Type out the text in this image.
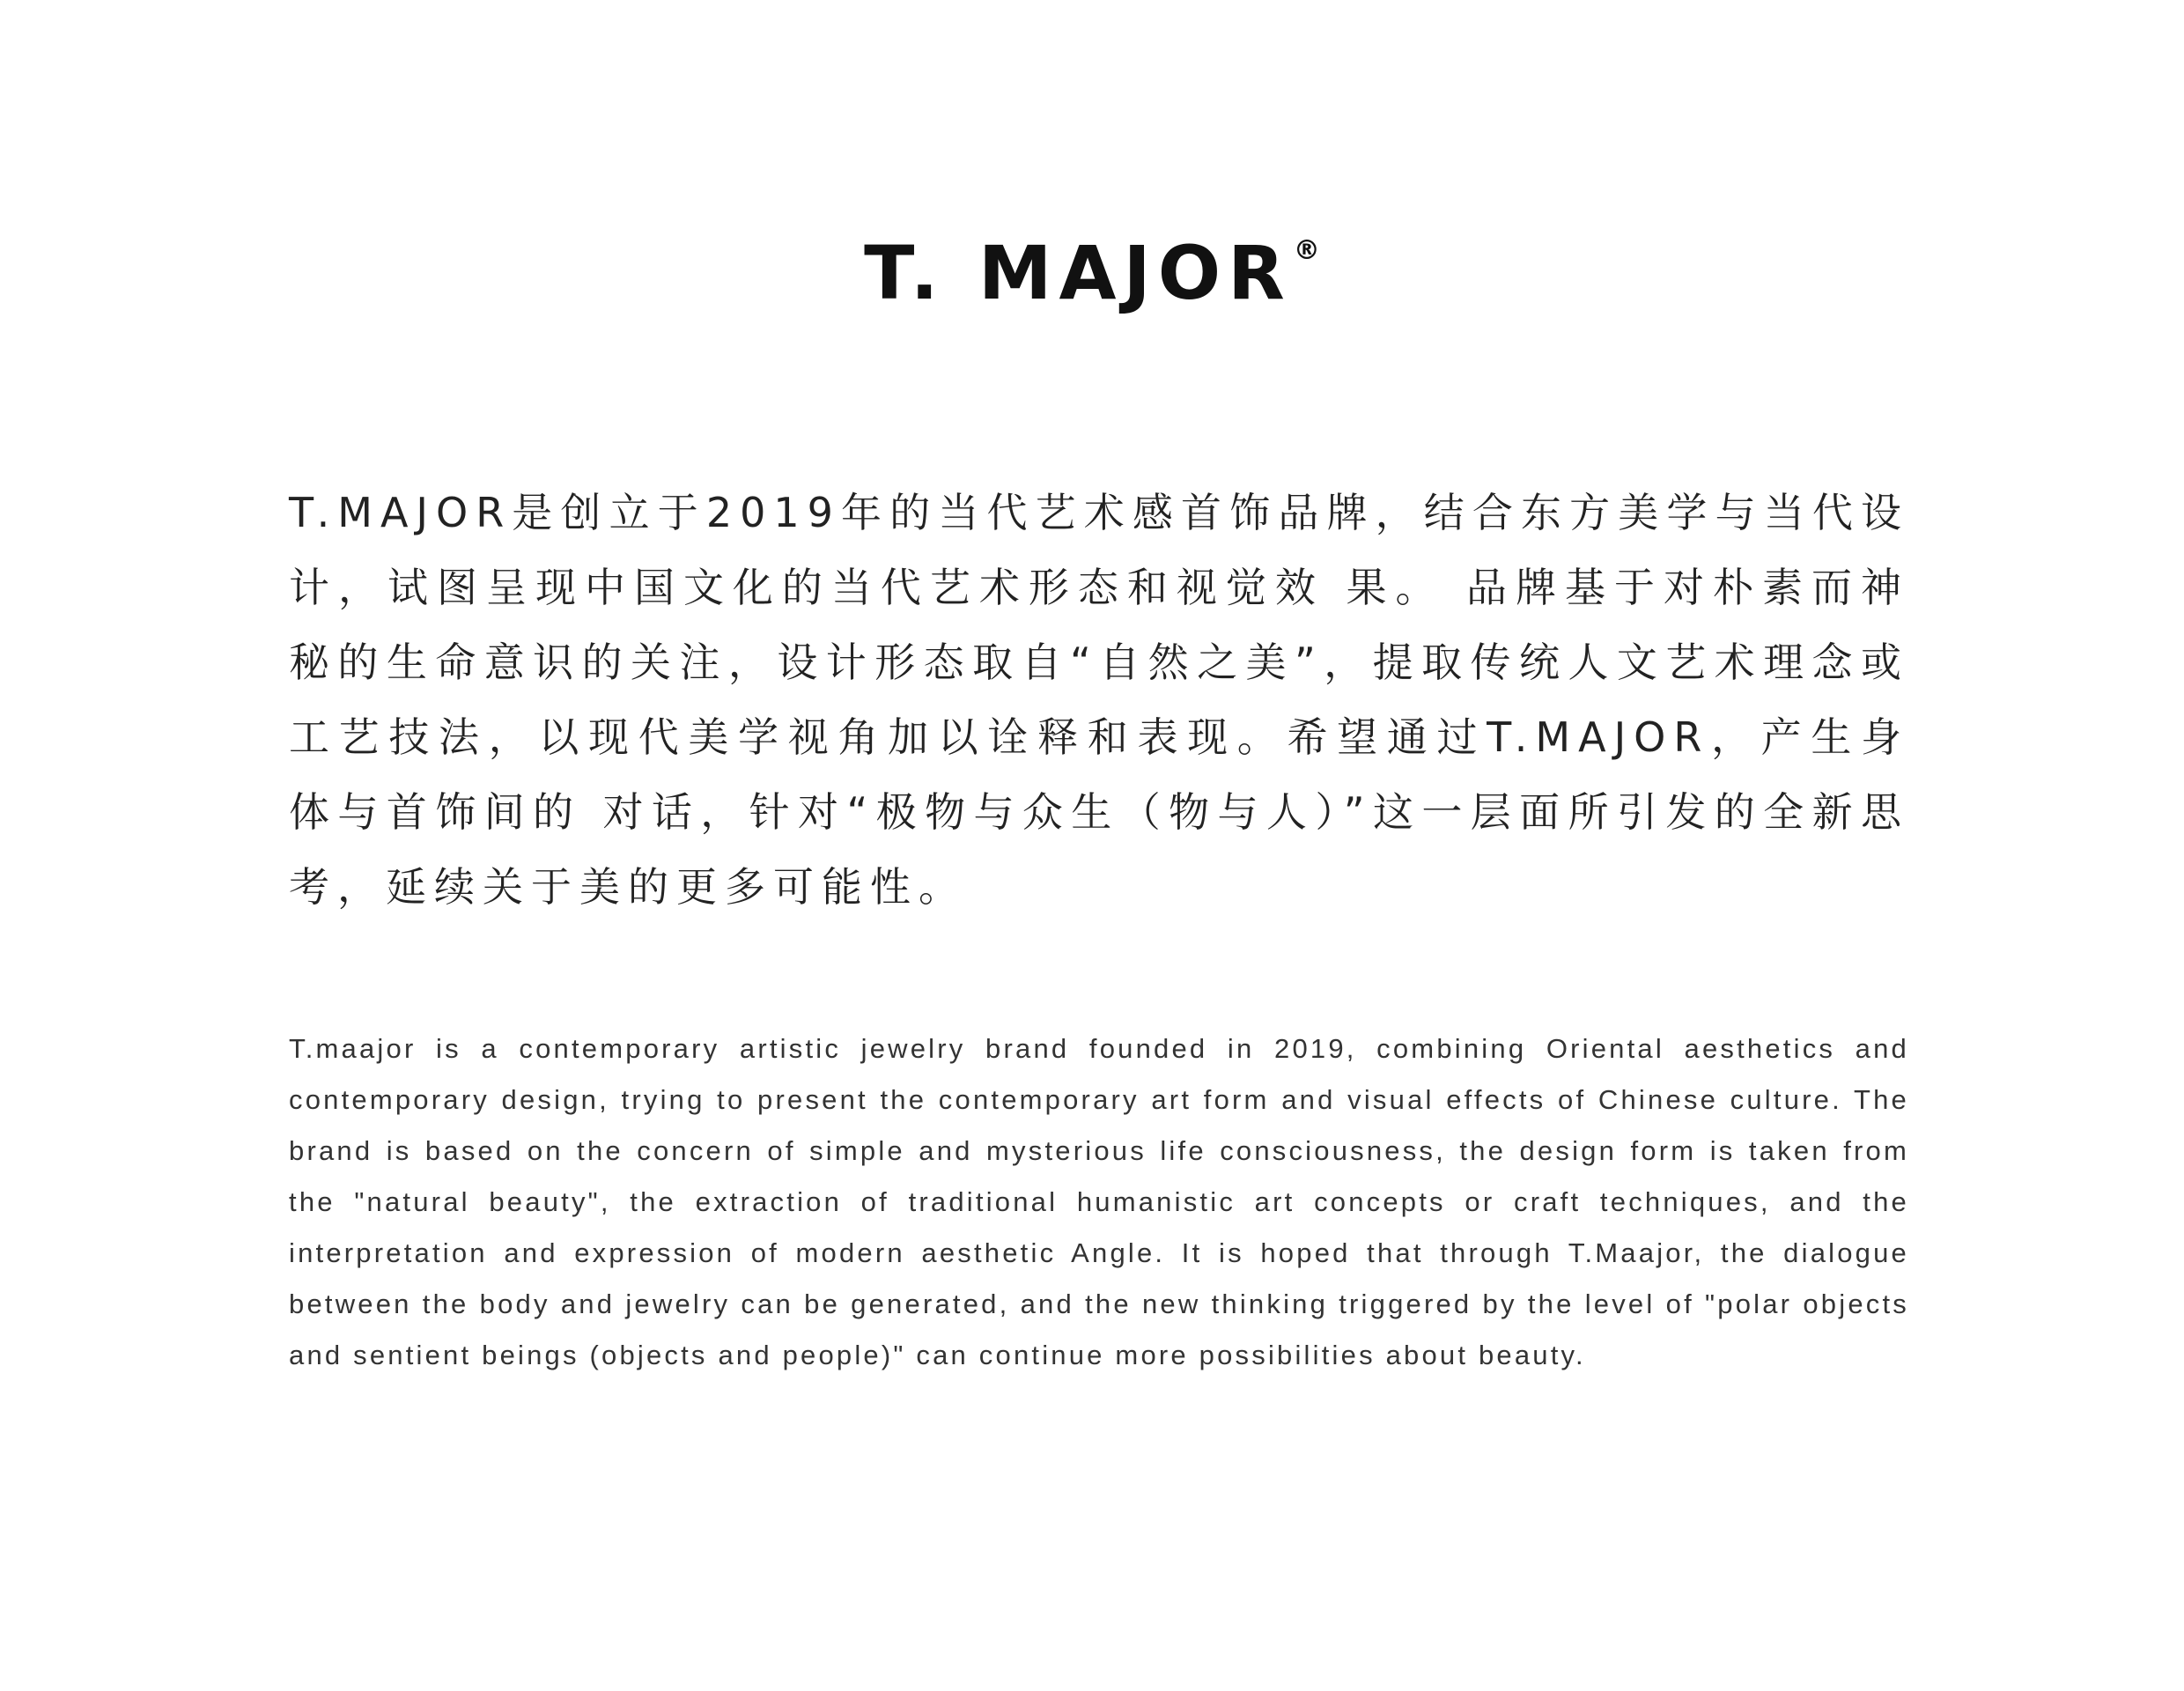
T. MAJOR®

T.MAJOR是创立于2019年的当代艺术感首饰品牌，结合东方美学与当代设计，试图呈现中国文化的当代艺术形态和视觉效 果。 品牌基于对朴素而神秘的生命意识的关注，设计形态取自“自然之美”，提取传统人文艺术理念或工艺技法，以现代美学视角加以诠释和表现。希望通过T.MAJOR，产生身体与首饰间的 对话，针对“极物与众生（物与人）”这一层面所引发的全新思 考，延续关于美的更多可能性。

T.maajor is a contemporary artistic jewelry brand founded in 2019, combining Oriental aesthetics and contemporary design, trying to present the contemporary art form and visual effects of Chinese culture. The brand is based on the concern of simple and mysterious life consciousness, the design form is taken from the "natural beauty", the extraction of traditional humanistic art concepts or craft techniques, and the interpretation and expression of modern aesthetic Angle. It is hoped that through T.Maajor, the dialogue between the body and jewelry can be generated, and the new thinking triggered by the level of "polar objects and sentient beings (objects and people)" can continue more possibilities about beauty.
